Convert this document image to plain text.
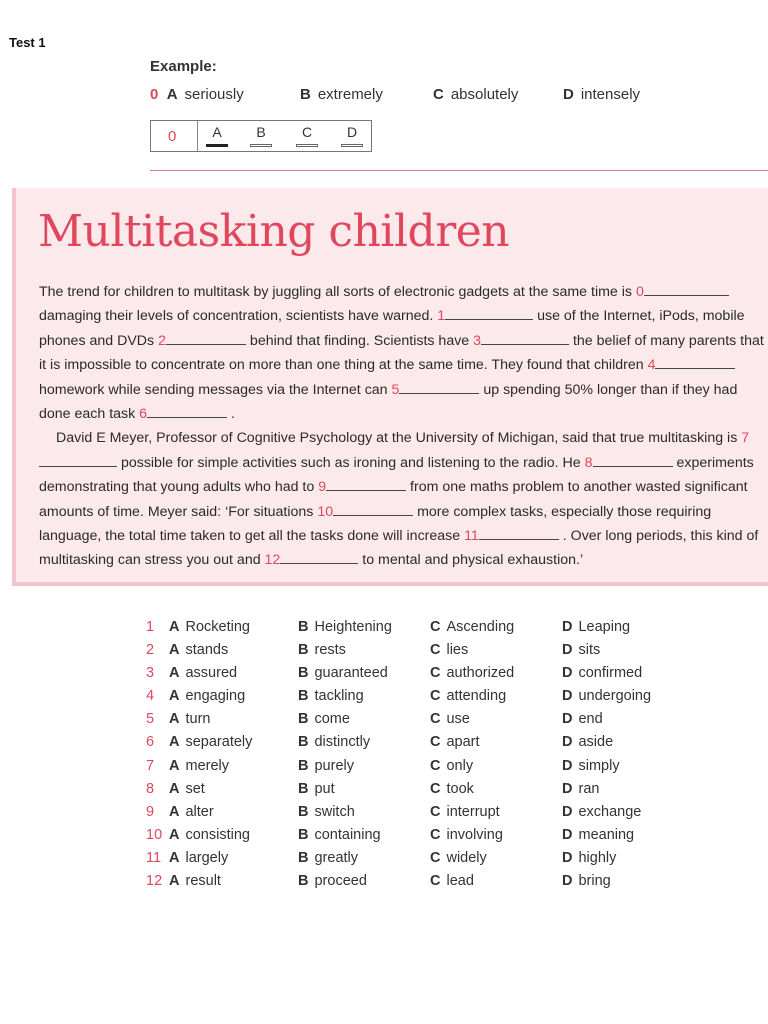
Test 1
Example:
0 A seriously	B extremely	C absolutely	D intensely
0	A	B	C	D
Multitasking children

The trend for children to multitask by juggling all sorts of electronic gadgets at the same time is 0 damaging their levels of concentration, scientists have warned. 1	use of the Internet, iPods, mobile phones and DVDs 2	behind that finding. Scientists have 3	the belief of many parents that it is impossible to concentrate on more than one thing at the same time. They found that children 4 homework while sending messages via the Internet can 5	up spending 50% longer than if they had done each task 6	.

David E Meyer, Professor of Cognitive Psychology at the University of Michigan, said that true multitasking is 7 possible for simple activities such as ironing and listening to the radio. He 8	experiments demonstrating that young adults who had to 9	from one maths problem to another wasted significant amounts of time. Meyer said: ‘For situations 10	more complex tasks, especially those requiring language, the total time taken to get all the tasks done will increase 11	. Over long periods, this kind of multitasking can stress you out and 12	to mental and physical exhaustion.’

1	A Rocketing	B Heightening	C Ascending	D Leaping
2	A stands	B rests	C lies	D sits
3	A assured	B guaranteed	C authorized	D confirmed
4	A engaging	B tackling	C attending	D undergoing
5	A turn	B come	C use	D end
6	A separately	B distinctly	C apart	D aside
7	A merely	B purely	C only	D simply
8	A set	B put	C took	D ran
9	A alter	B switch	C interrupt	D exchange
10 A consisting	B containing	C involving	D meaning
11 A largely	B greatly	C widely	D highly
12 A result	B proceed	C lead	D bring
